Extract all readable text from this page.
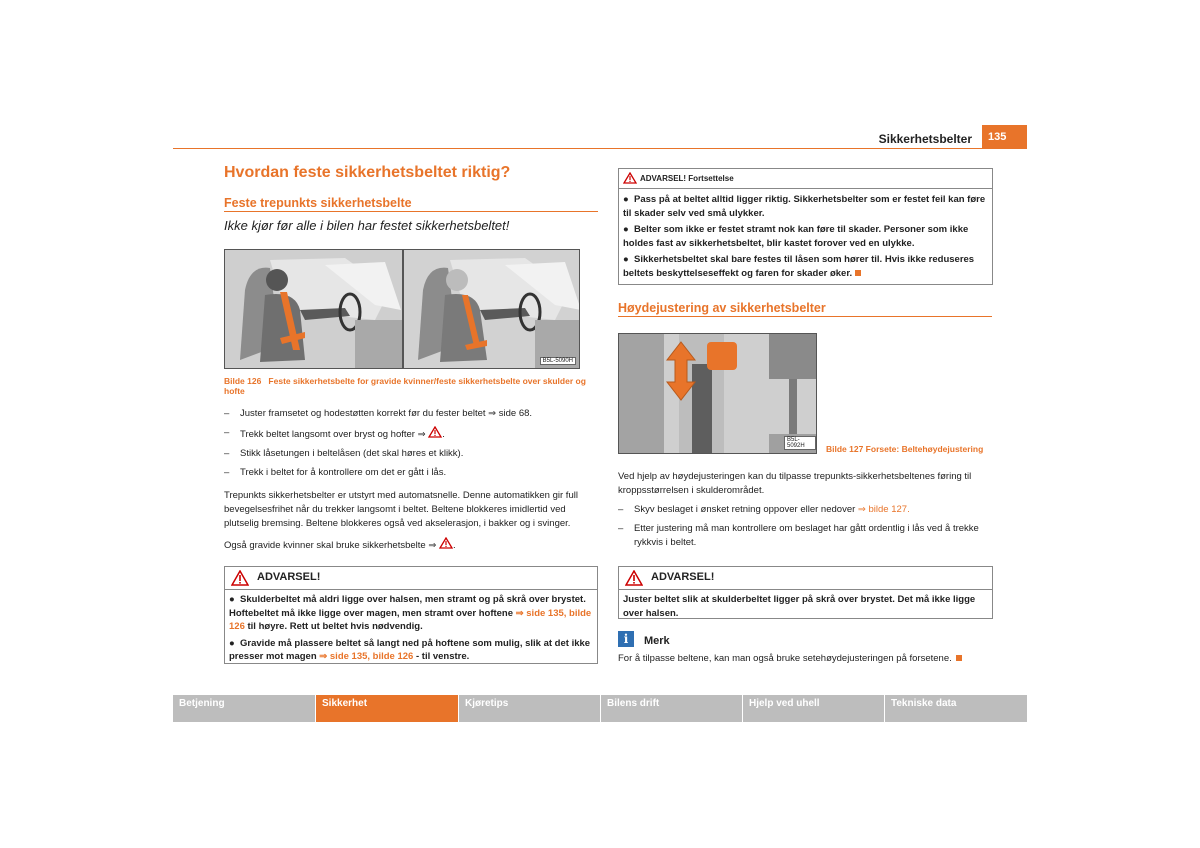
Sikkerhetsbelter	135
Hvordan feste sikkerhetsbeltet riktig?
Feste trepunkts sikkerhetsbelte
Ikke kjør før alle i bilen har festet sikkerhetsbeltet!
B5L-5090H
Bilde 126 Feste sikkerhetsbelte for gravide kvinner/feste sikkerhetsbelte over skulder og hofte
– Juster framsetet og hodestøtten korrekt før du fester beltet ⇒ side 68.
– Trekk beltet langsomt over bryst og hofter ⇒ .
– Stikk låsetungen i beltelåsen (det skal høres et klikk).
– Trekk i beltet for å kontrollere om det er gått i lås.
Trepunkts sikkerhetsbelter er utstyrt med automatsnelle. Denne automatikken gir full bevegelsesfrihet når du trekker langsomt i beltet. Beltene blokkeres imidlertid ved plutselig bremsing. Beltene blokkeres også ved akselerasjon, i bakker og i svinger.
Også gravide kvinner skal bruke sikkerhetsbelte ⇒ .
ADVARSEL!

●  Skulderbeltet må aldri ligge over halsen, men stramt og på skrå over brystet. Hoftebeltet må ikke ligge over magen, men stramt over hoftene ⇒ side 135, bilde 126 til høyre. Rett ut beltet hvis nødvendig.

●  Gravide må plassere beltet så langt ned på hoftene som mulig, slik at det ikke presser mot magen ⇒ side 135, bilde 126 - til venstre.

ADVARSEL! Fortsettelse

●  Pass på at beltet alltid ligger riktig. Sikkerhetsbelter som er festet feil kan føre til skader selv ved små ulykker.

●  Belter som ikke er festet stramt nok kan føre til skader. Personer som ikke holdes fast av sikkerhetsbeltet, blir kastet forover ved en ulykke.

●  Sikkerhetsbeltet skal bare festes til låsen som hører til. Hvis ikke reduseres beltets beskyttelseseffekt og faren for skader øker.

Høydejustering av sikkerhetsbelter
B5L-5092H	Bilde 127 Forsete: Beltehøydejustering
Ved hjelp av høydejusteringen kan du tilpasse trepunkts-sikkerhetsbeltenes føring til kroppsstørrelsen i skulderområdet.
– Skyv beslaget i ønsket retning oppover eller nedover ⇒ bilde 127.
– Etter justering må man kontrollere om beslaget har gått ordentlig i lås ved å trekke rykkvis i beltet.
ADVARSEL!
Juster beltet slik at skulderbeltet ligger på skrå over brystet. Det må ikke ligge over halsen.
i	Merk
For å tilpasse beltene, kan man også bruke setehøydejusteringen på forsetene.
Betjening	Sikkerhet	Kjøretips	Bilens drift	Hjelp ved uhell	Tekniske data
